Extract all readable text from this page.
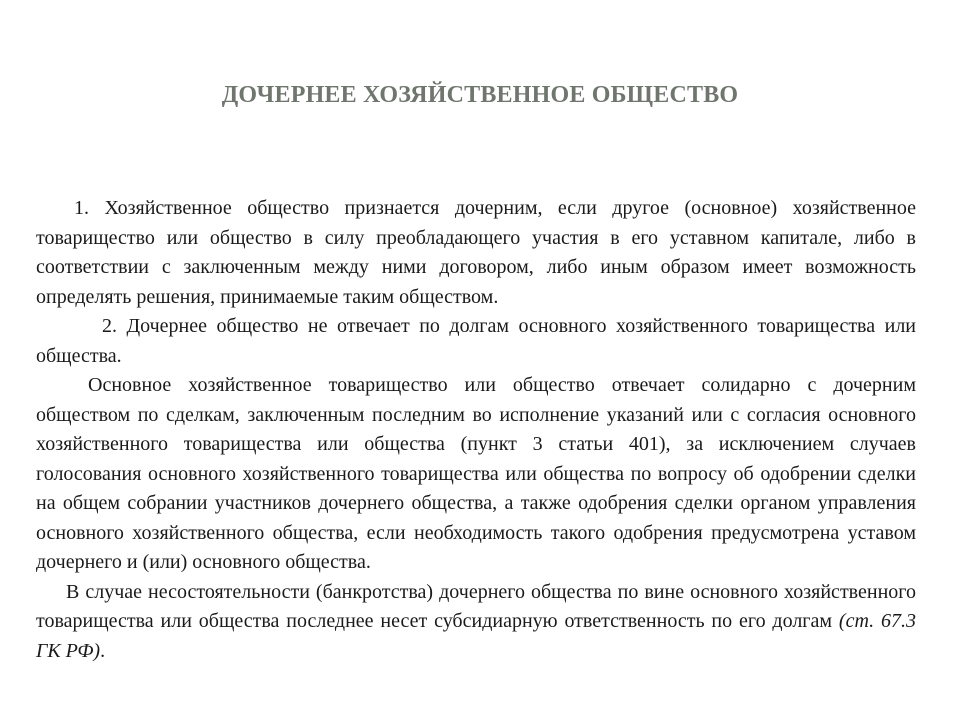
ДОЧЕРНЕЕ ХОЗЯЙСТВЕННОЕ ОБЩЕСТВО

1. Хозяйственное общество признается дочерним, если другое (основное) хозяйственное товарищество или общество в силу преобладающего участия в его уставном капитале, либо в соответствии с заключенным между ними договором, либо иным образом имеет возможность определять решения, принимаемые таким обществом.

2. Дочернее общество не отвечает по долгам основного хозяйственного товарищества или общества.

Основное хозяйственное товарищество или общество отвечает солидарно с дочерним обществом по сделкам, заключенным последним во исполнение указаний или с согласия основного хозяйственного товарищества или общества (пункт 3 статьи 401), за исключением случаев голосования основного хозяйственного товарищества или общества по вопросу об одобрении сделки на общем собрании участников дочернего общества, а также одобрения сделки органом управления основного хозяйственного общества, если необходимость такого одобрения предусмотрена уставом дочернего и (или) основного общества.

В случае несостоятельности (банкротства) дочернего общества по вине основного хозяйственного товарищества или общества последнее несет субсидиарную ответственность по его долгам (ст. 67.3 ГК РФ).
